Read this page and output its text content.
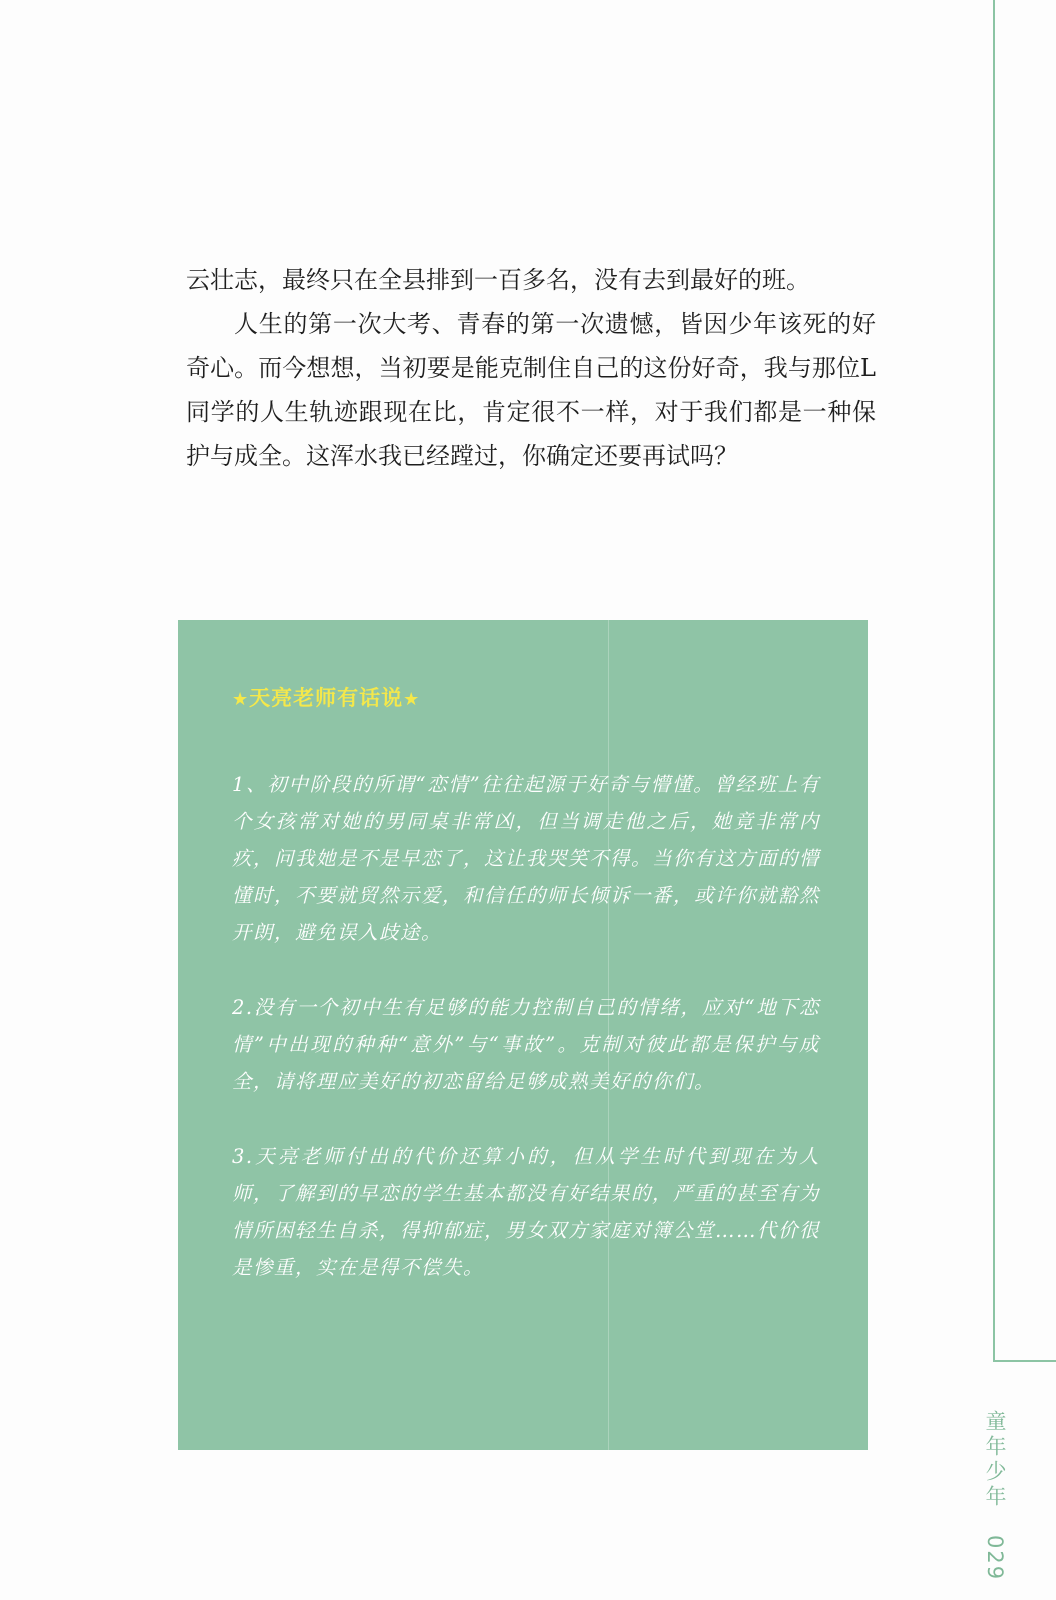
云壮志，最终只在全县排到一百多名，没有去到最好的班。

人生的第一次大考、青春的第一次遗憾，皆因少年该死的好奇心。而今想想，当初要是能克制住自己的这份好奇，我与那位L同学的人生轨迹跟现在比，肯定很不一样，对于我们都是一种保护与成全。这浑水我已经蹚过，你确定还要再试吗？

★天亮老师有话说★

1、初中阶段的所谓“恋情”往往起源于好奇与懵懂。曾经班上有个女孩常对她的男同桌非常凶，但当调走他之后，她竟非常内疚，问我她是不是早恋了，这让我哭笑不得。当你有这方面的懵懂时，不要就贸然示爱，和信任的师长倾诉一番，或许你就豁然开朗，避免误入歧途。

2.没有一个初中生有足够的能力控制自己的情绪，应对“地下恋情”中出现的种种“意外”与“事故”。克制对彼此都是保护与成全，请将理应美好的初恋留给足够成熟美好的你们。

3.天亮老师付出的代价还算小的，但从学生时代到现在为人师，了解到的早恋的学生基本都没有好结果的，严重的甚至有为情所困轻生自杀，得抑郁症，男女双方家庭对簿公堂……代价很是惨重，实在是得不偿失。

童年少年 029
